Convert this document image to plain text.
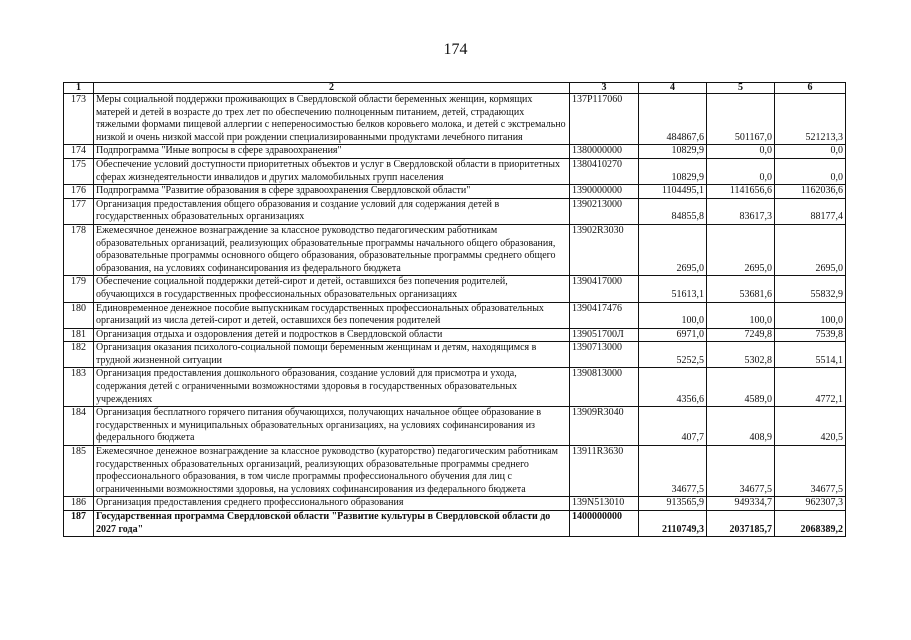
174
1	2	3	4	5	6
173	Меры социальной поддержки проживающих в Свердловской области беременных женщин, кормящих матерей и детей в возрасте до трех лет по обеспечению полноценным питанием, детей, страдающих тяжелыми формами пищевой аллергии с непереносимостью белков коровьего молока, и детей с экстремально низкой и очень низкой массой при рождении специализированными продуктами лечебного питания	137P117060	484867,6	501167,0	521213,3
174	Подпрограмма "Иные вопросы в сфере здравоохранения"	1380000000	10829,9	0,0	0,0
175	Обеспечение условий доступности приоритетных объектов и услуг в Свердловской области в приоритетных сферах жизнедеятельности инвалидов и других маломобильных групп населения	1380410270	10829,9	0,0	0,0
176	Подпрограмма "Развитие образования в сфере здравоохранения Свердловской области"	1390000000	1104495,1	1141656,6	1162036,6
177	Организация предоставления общего образования и создание условий для содержания детей в государственных образовательных организациях	1390213000	84855,8	83617,3	88177,4
178	Ежемесячное денежное вознаграждение за классное руководство педагогическим работникам образовательных организаций, реализующих образовательные программы начального общего образования, образовательные программы основного общего образования, образовательные программы среднего общего образования, на условиях софинансирования из федерального бюджета	13902R3030	2695,0	2695,0	2695,0
179	Обеспечение социальной поддержки детей-сирот и детей, оставшихся без попечения родителей, обучающихся в государственных профессиональных образовательных организациях	1390417000	51613,1	53681,6	55832,9
180	Единовременное денежное пособие выпускникам государственных профессиональных образовательных организаций из числа детей-сирот и детей, оставшихся без попечения родителей	1390417476	100,0	100,0	100,0
181	Организация отдыха и оздоровления детей и подростков в Свердловской области	139051700Л	6971,0	7249,8	7539,8
182	Организация оказания психолого-социальной помощи беременным женщинам и детям, находящимся в трудной жизненной ситуации	1390713000	5252,5	5302,8	5514,1
183	Организация предоставления дошкольного образования, создание условий для присмотра и ухода, содержания детей с ограниченными возможностями здоровья в государственных образовательных учреждениях	1390813000	4356,6	4589,0	4772,1
184	Организация бесплатного горячего питания обучающихся, получающих начальное общее образование в государственных и муниципальных образовательных организациях, на условиях софинансирования из федерального бюджета	13909R3040	407,7	408,9	420,5
185	Ежемесячное денежное вознаграждение за классное руководство (кураторство) педагогическим работникам государственных образовательных организаций, реализующих образовательные программы среднего профессионального образования, в том числе программы профессионального обучения для лиц с ограниченными возможностями здоровья, на условиях софинансирования из федерального бюджета	13911R3630	34677,5	34677,5	34677,5
186	Организация предоставления среднего профессионального образования	139N513010	913565,9	949334,7	962307,3
187	Государственная программа Свердловской области "Развитие культуры в Свердловской области до 2027 года"	1400000000	2110749,3	2037185,7	2068389,2
